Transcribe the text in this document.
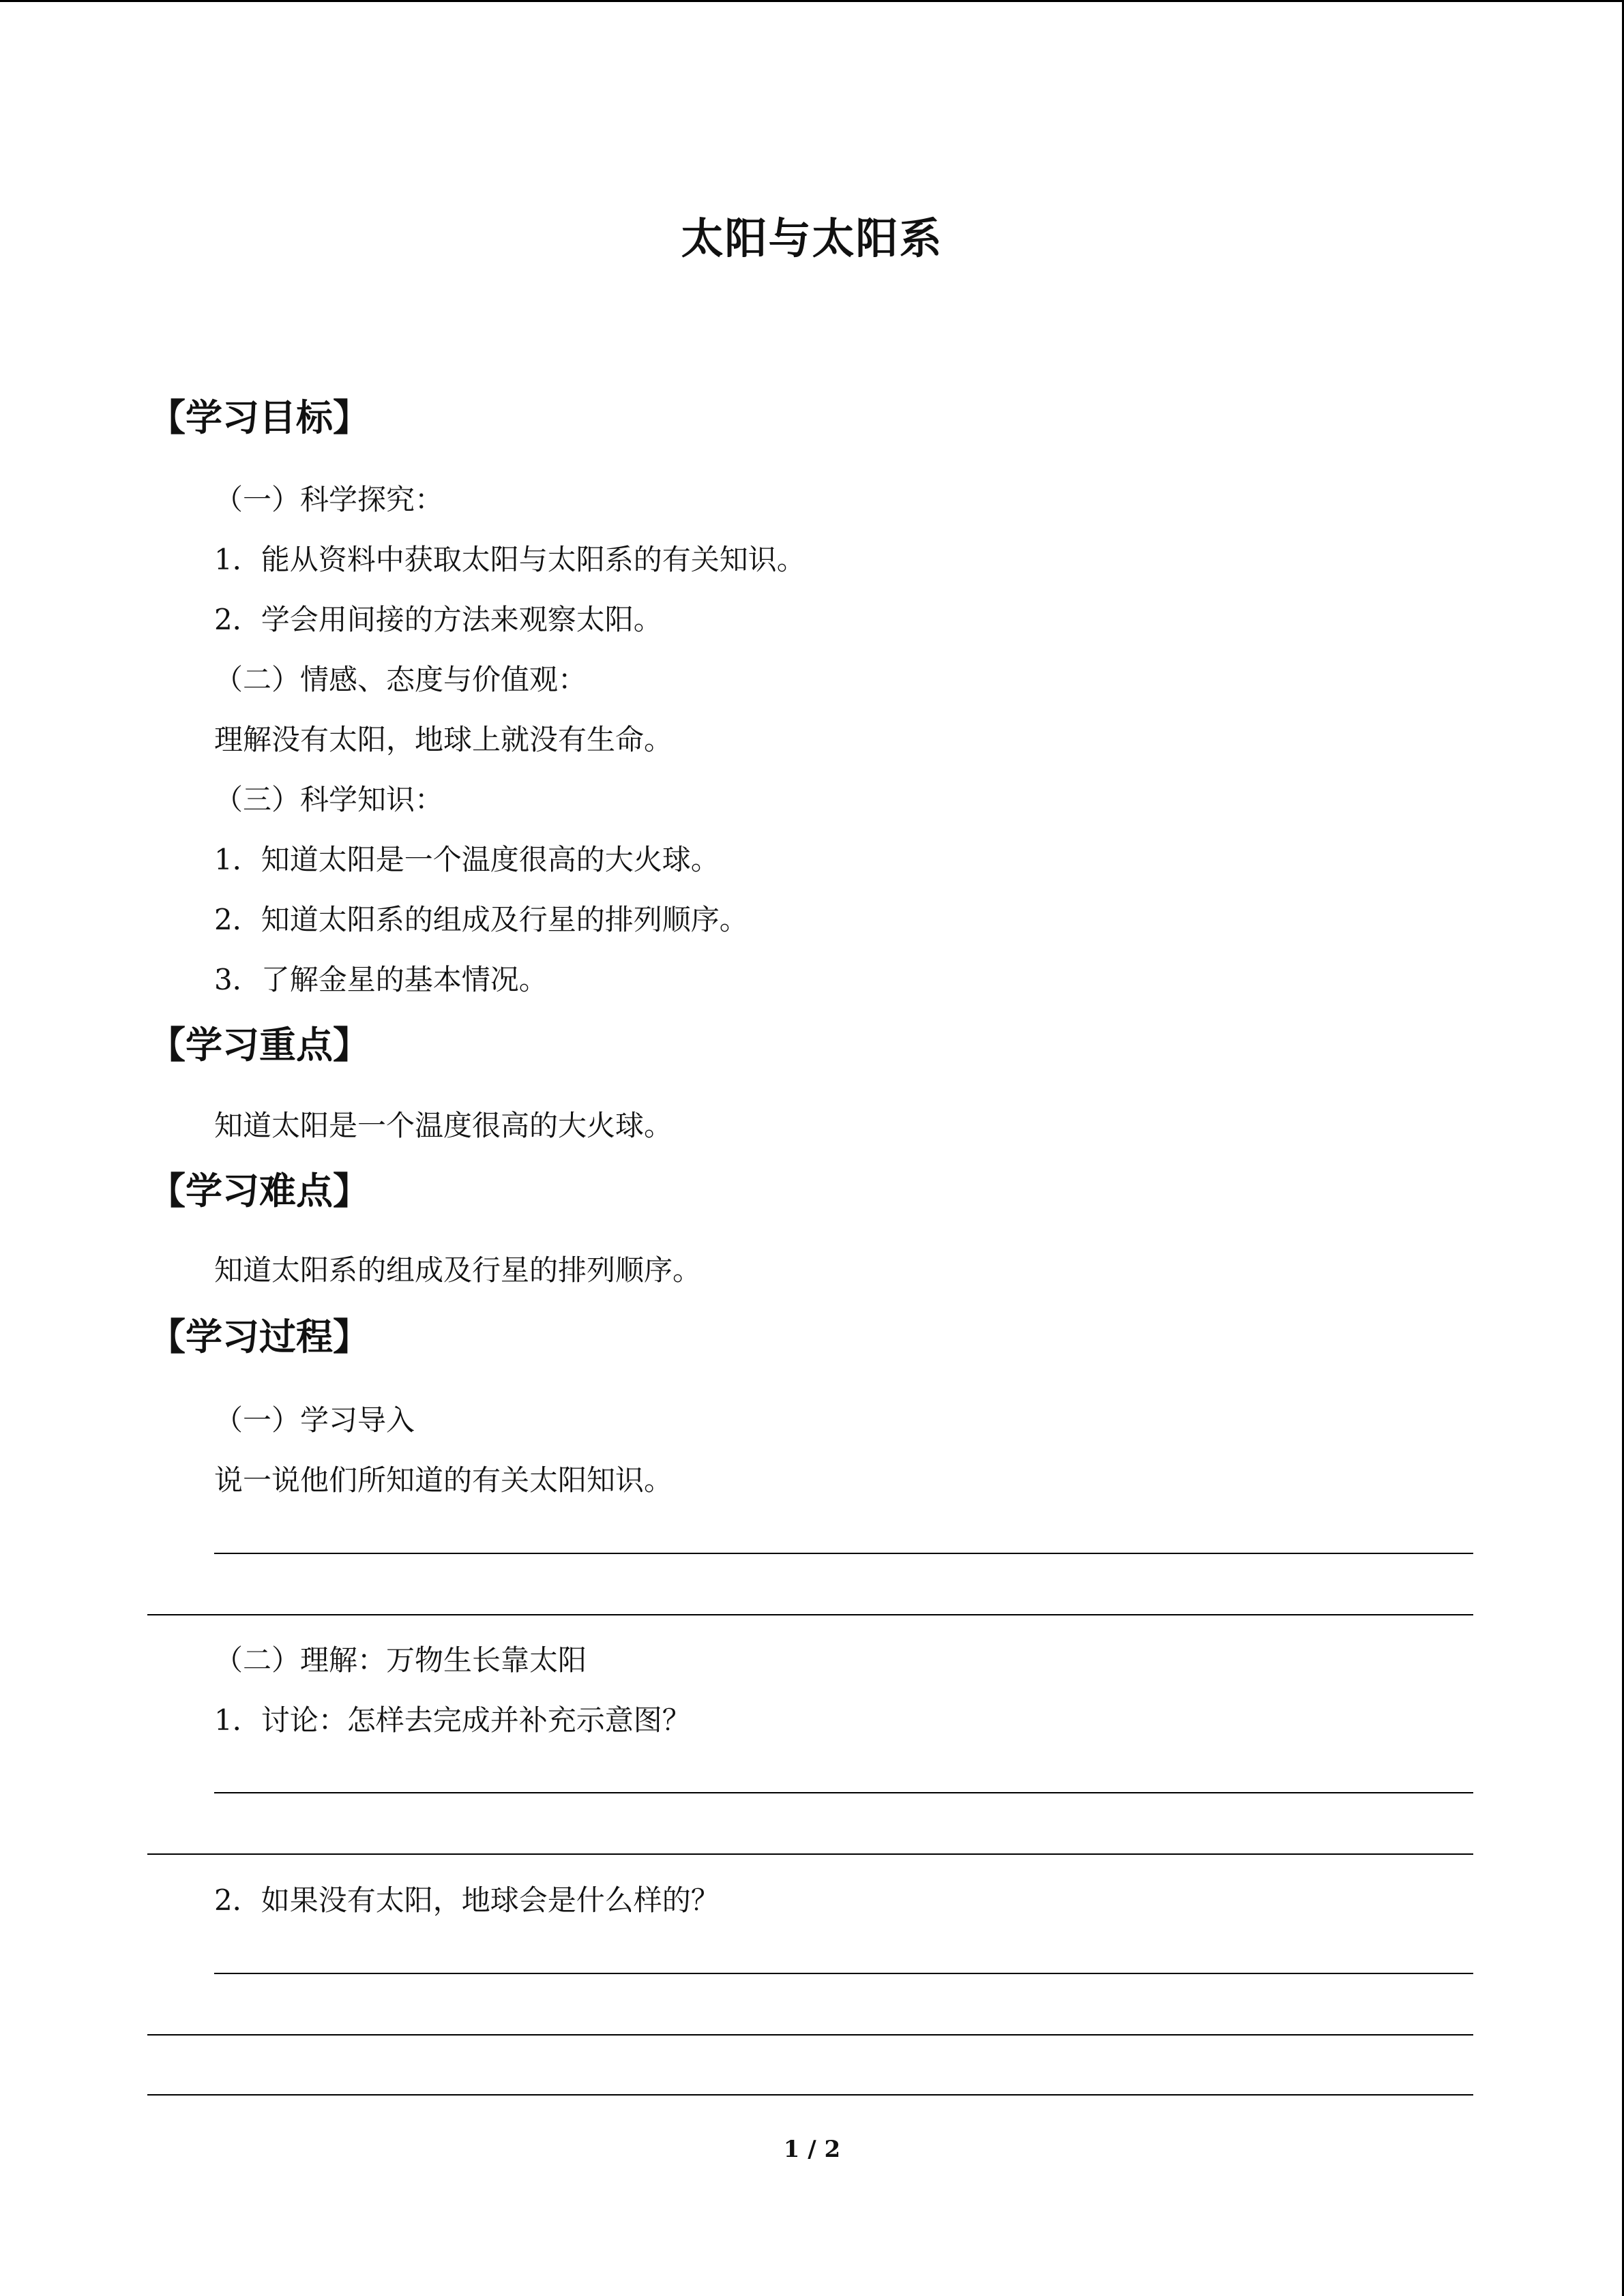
太阳与太阳系
【学习目标】
（一）科学探究：
1．能从资料中获取太阳与太阳系的有关知识。
2．学会用间接的方法来观察太阳。
（二）情感、态度与价值观：
理解没有太阳，地球上就没有生命。
（三）科学知识：
1．知道太阳是一个温度很高的大火球。
2．知道太阳系的组成及行星的排列顺序。
3．了解金星的基本情况。
【学习重点】
知道太阳是一个温度很高的大火球。
【学习难点】
知道太阳系的组成及行星的排列顺序。
【学习过程】
（一）学习导入
说一说他们所知道的有关太阳知识。
（二）理解：万物生长靠太阳
1．讨论：怎样去完成并补充示意图？
2．如果没有太阳，地球会是什么样的？
1 / 2
